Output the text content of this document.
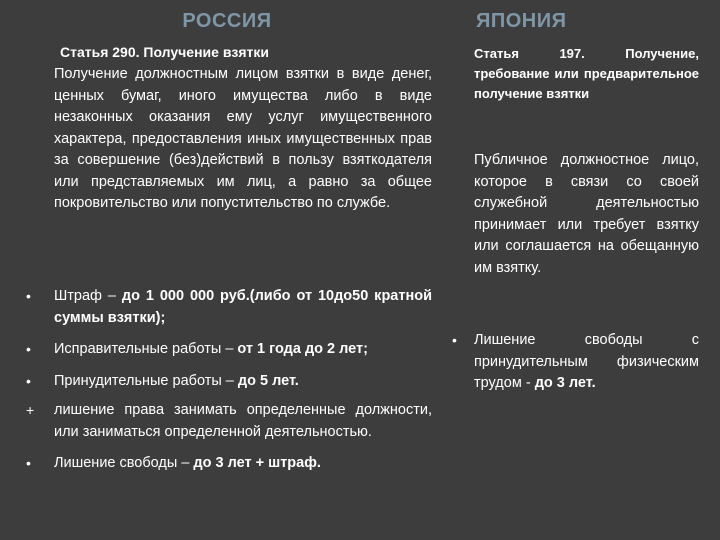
РОССИЯ
Статья 290. Получение взятки
Получение должностным лицом взятки в виде денег, ценных бумаг, иного имущества либо в виде незаконных оказания ему услуг имущественного характера, предоставления иных имущественных прав за совершение (без)действий в пользу взяткодателя или представляемых им лиц, а равно за общее покровительство или попустительство по службе.
• Штраф – до 1 000 000 руб.(либо от 10до50 кратной суммы взятки);
• Исправительные работы – от 1 года до 2 лет;
• Принудительные работы – до 5 лет.
+ лишение права занимать определенные должности, или заниматься определенной деятельностью.
• Лишение свободы – до 3 лет + штраф.
ЯПОНИЯ
Статья 197. Получение, требование или предварительное получение взятки
Публичное должностное лицо, которое в связи со своей служебной деятельностью принимает или требует взятку или соглашается на обещанную им взятку.
• Лишение свободы с принудительным физическим трудом - до 3 лет.
